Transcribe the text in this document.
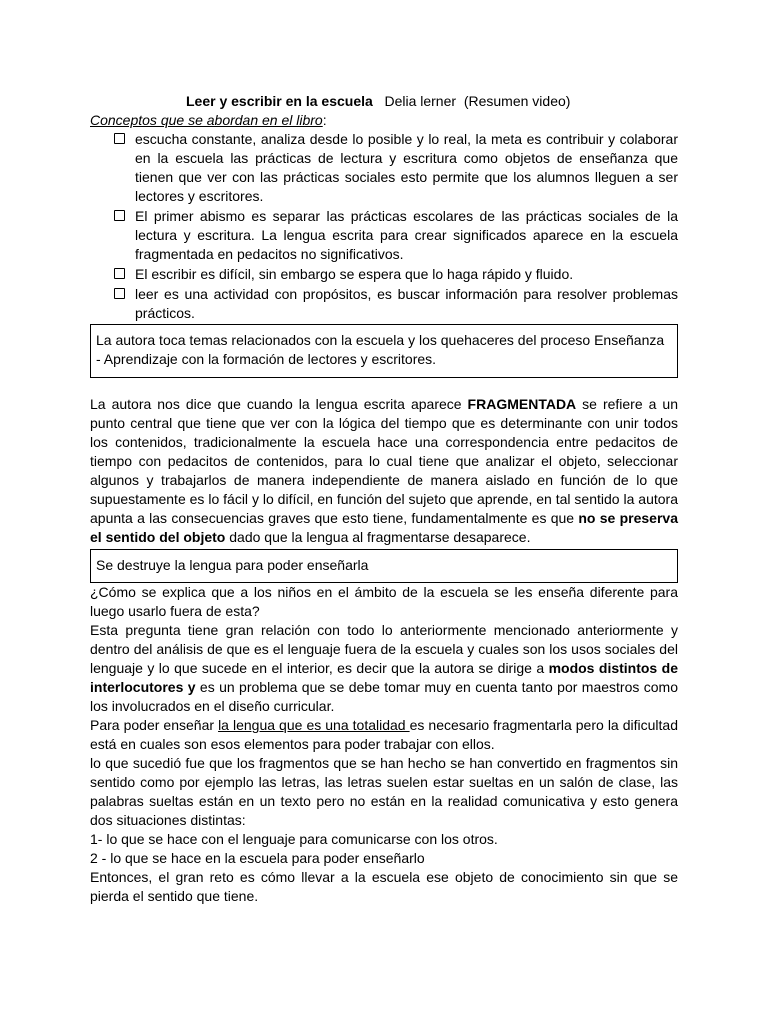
Leer y escribir en la escuela Delia lerner (Resumen video)
Conceptos que se abordan en el libro:
escucha constante, analiza desde lo posible y lo real, la meta es contribuir y colaborar en la escuela las prácticas de lectura y escritura como objetos de enseñanza que tienen que ver con las prácticas sociales esto permite que los alumnos lleguen a ser lectores y escritores.
El primer abismo es separar las prácticas escolares de las prácticas sociales de la lectura y escritura. La lengua escrita para crear significados aparece en la escuela fragmentada en pedacitos no significativos.
El escribir es difícil, sin embargo se espera que lo haga rápido y fluido.
leer es una actividad con propósitos, es buscar información para resolver problemas prácticos.
La autora toca temas relacionados con la escuela y los quehaceres del proceso Enseñanza - Aprendizaje con la formación de lectores y escritores.

La autora nos dice que cuando la lengua escrita aparece FRAGMENTADA se refiere a un punto central que tiene que ver con la lógica del tiempo que es determinante con unir todos los contenidos, tradicionalmente la escuela hace una correspondencia entre pedacitos de tiempo con pedacitos de contenidos, para lo cual tiene que analizar el objeto, seleccionar algunos y trabajarlos de manera independiente de manera aislado en función de lo que supuestamente es lo fácil y lo difícil, en función del sujeto que aprende, en tal sentido la autora apunta a las consecuencias graves que esto tiene, fundamentalmente es que no se preserva el sentido del objeto dado que la lengua al fragmentarse desaparece.

Se destruye la lengua para poder enseñarla

¿Cómo se explica que a los niños en el ámbito de la escuela se les enseña diferente para luego usarlo fuera de esta?

Esta pregunta tiene gran relación con todo lo anteriormente mencionado anteriormente y dentro del análisis de que es el lenguaje fuera de la escuela y cuales son los usos sociales del lenguaje y lo que sucede en el interior, es decir que la autora se dirige a modos distintos de interlocutores y es un problema que se debe tomar muy en cuenta tanto por maestros como los involucrados en el diseño curricular.

Para poder enseñar la lengua que es una totalidad es necesario fragmentarla pero la dificultad está en cuales son esos elementos para poder trabajar con ellos.

lo que sucedió fue que los fragmentos que se han hecho se han convertido en fragmentos sin sentido como por ejemplo las letras, las letras suelen estar sueltas en un salón de clase, las palabras sueltas están en un texto pero no están en la realidad comunicativa y esto genera dos situaciones distintas:

1- lo que se hace con el lenguaje para comunicarse con los otros.

2 - lo que se hace en la escuela para poder enseñarlo

Entonces, el gran reto es cómo llevar a la escuela ese objeto de conocimiento sin que se pierda el sentido que tiene.
